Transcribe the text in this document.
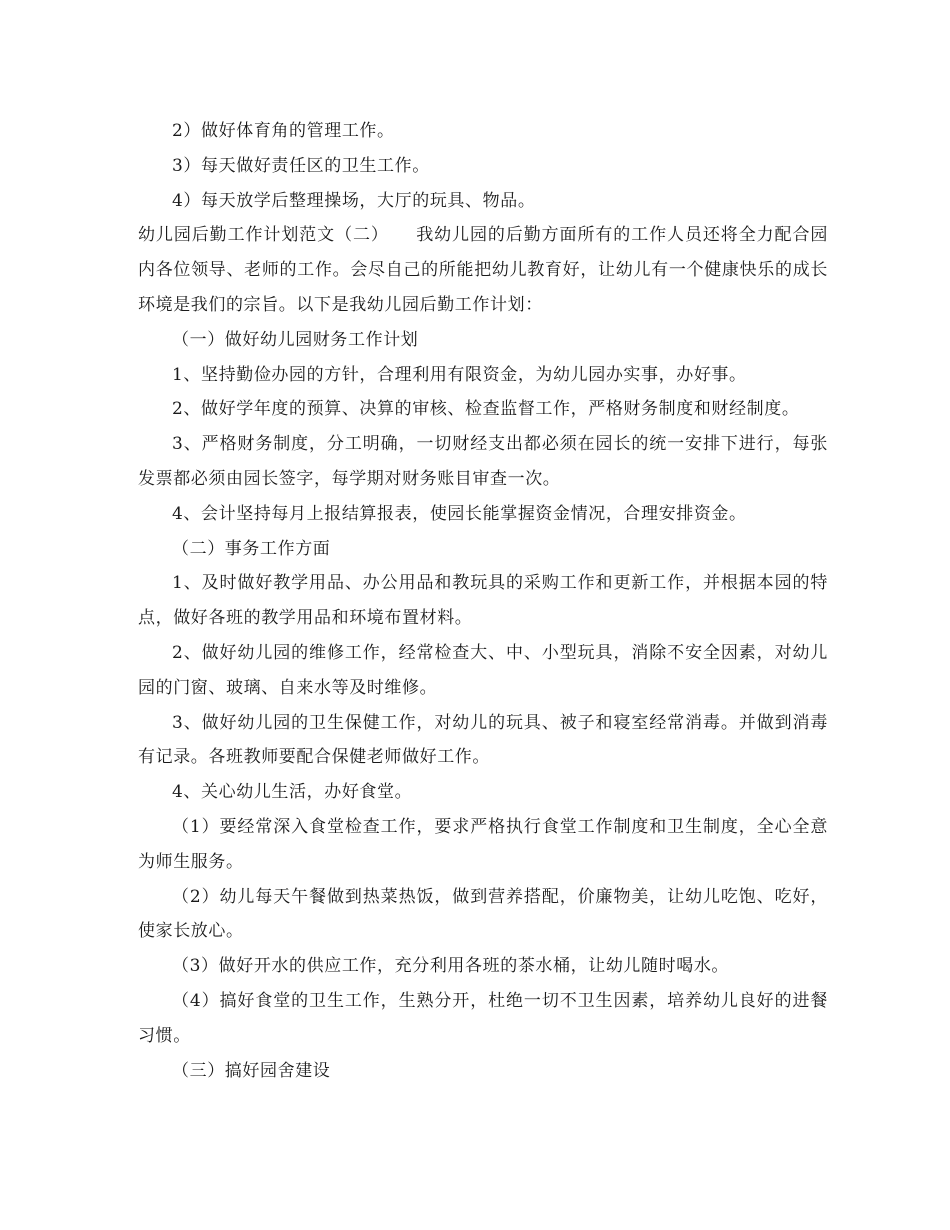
2）做好体育角的管理工作。

3）每天做好责任区的卫生工作。

4）每天放学后整理操场，大厅的玩具、物品。

幼儿园后勤工作计划范文（二）　　我幼儿园的后勤方面所有的工作人员还将全力配合园内各位领导、老师的工作。会尽自己的所能把幼儿教育好，让幼儿有一个健康快乐的成长环境是我们的宗旨。以下是我幼儿园后勤工作计划：

（一）做好幼儿园财务工作计划

1、坚持勤俭办园的方针，合理利用有限资金，为幼儿园办实事，办好事。

2、做好学年度的预算、决算的审核、检查监督工作，严格财务制度和财经制度。

3、严格财务制度，分工明确，一切财经支出都必须在园长的统一安排下进行，每张发票都必须由园长签字，每学期对财务账目审查一次。

4、会计坚持每月上报结算报表，使园长能掌握资金情况，合理安排资金。

（二）事务工作方面

1、及时做好教学用品、办公用品和教玩具的采购工作和更新工作，并根据本园的特点，做好各班的教学用品和环境布置材料。

2、做好幼儿园的维修工作，经常检查大、中、小型玩具，消除不安全因素，对幼儿园的门窗、玻璃、自来水等及时维修。

3、做好幼儿园的卫生保健工作，对幼儿的玩具、被子和寝室经常消毒。并做到消毒有记录。各班教师要配合保健老师做好工作。

4、关心幼儿生活，办好食堂。

（1）要经常深入食堂检查工作，要求严格执行食堂工作制度和卫生制度，全心全意为师生服务。

（2）幼儿每天午餐做到热菜热饭，做到营养搭配，价廉物美，让幼儿吃饱、吃好，使家长放心。

（3）做好开水的供应工作，充分利用各班的茶水桶，让幼儿随时喝水。

（4）搞好食堂的卫生工作，生熟分开，杜绝一切不卫生因素，培养幼儿良好的进餐习惯。

（三）搞好园舍建设
